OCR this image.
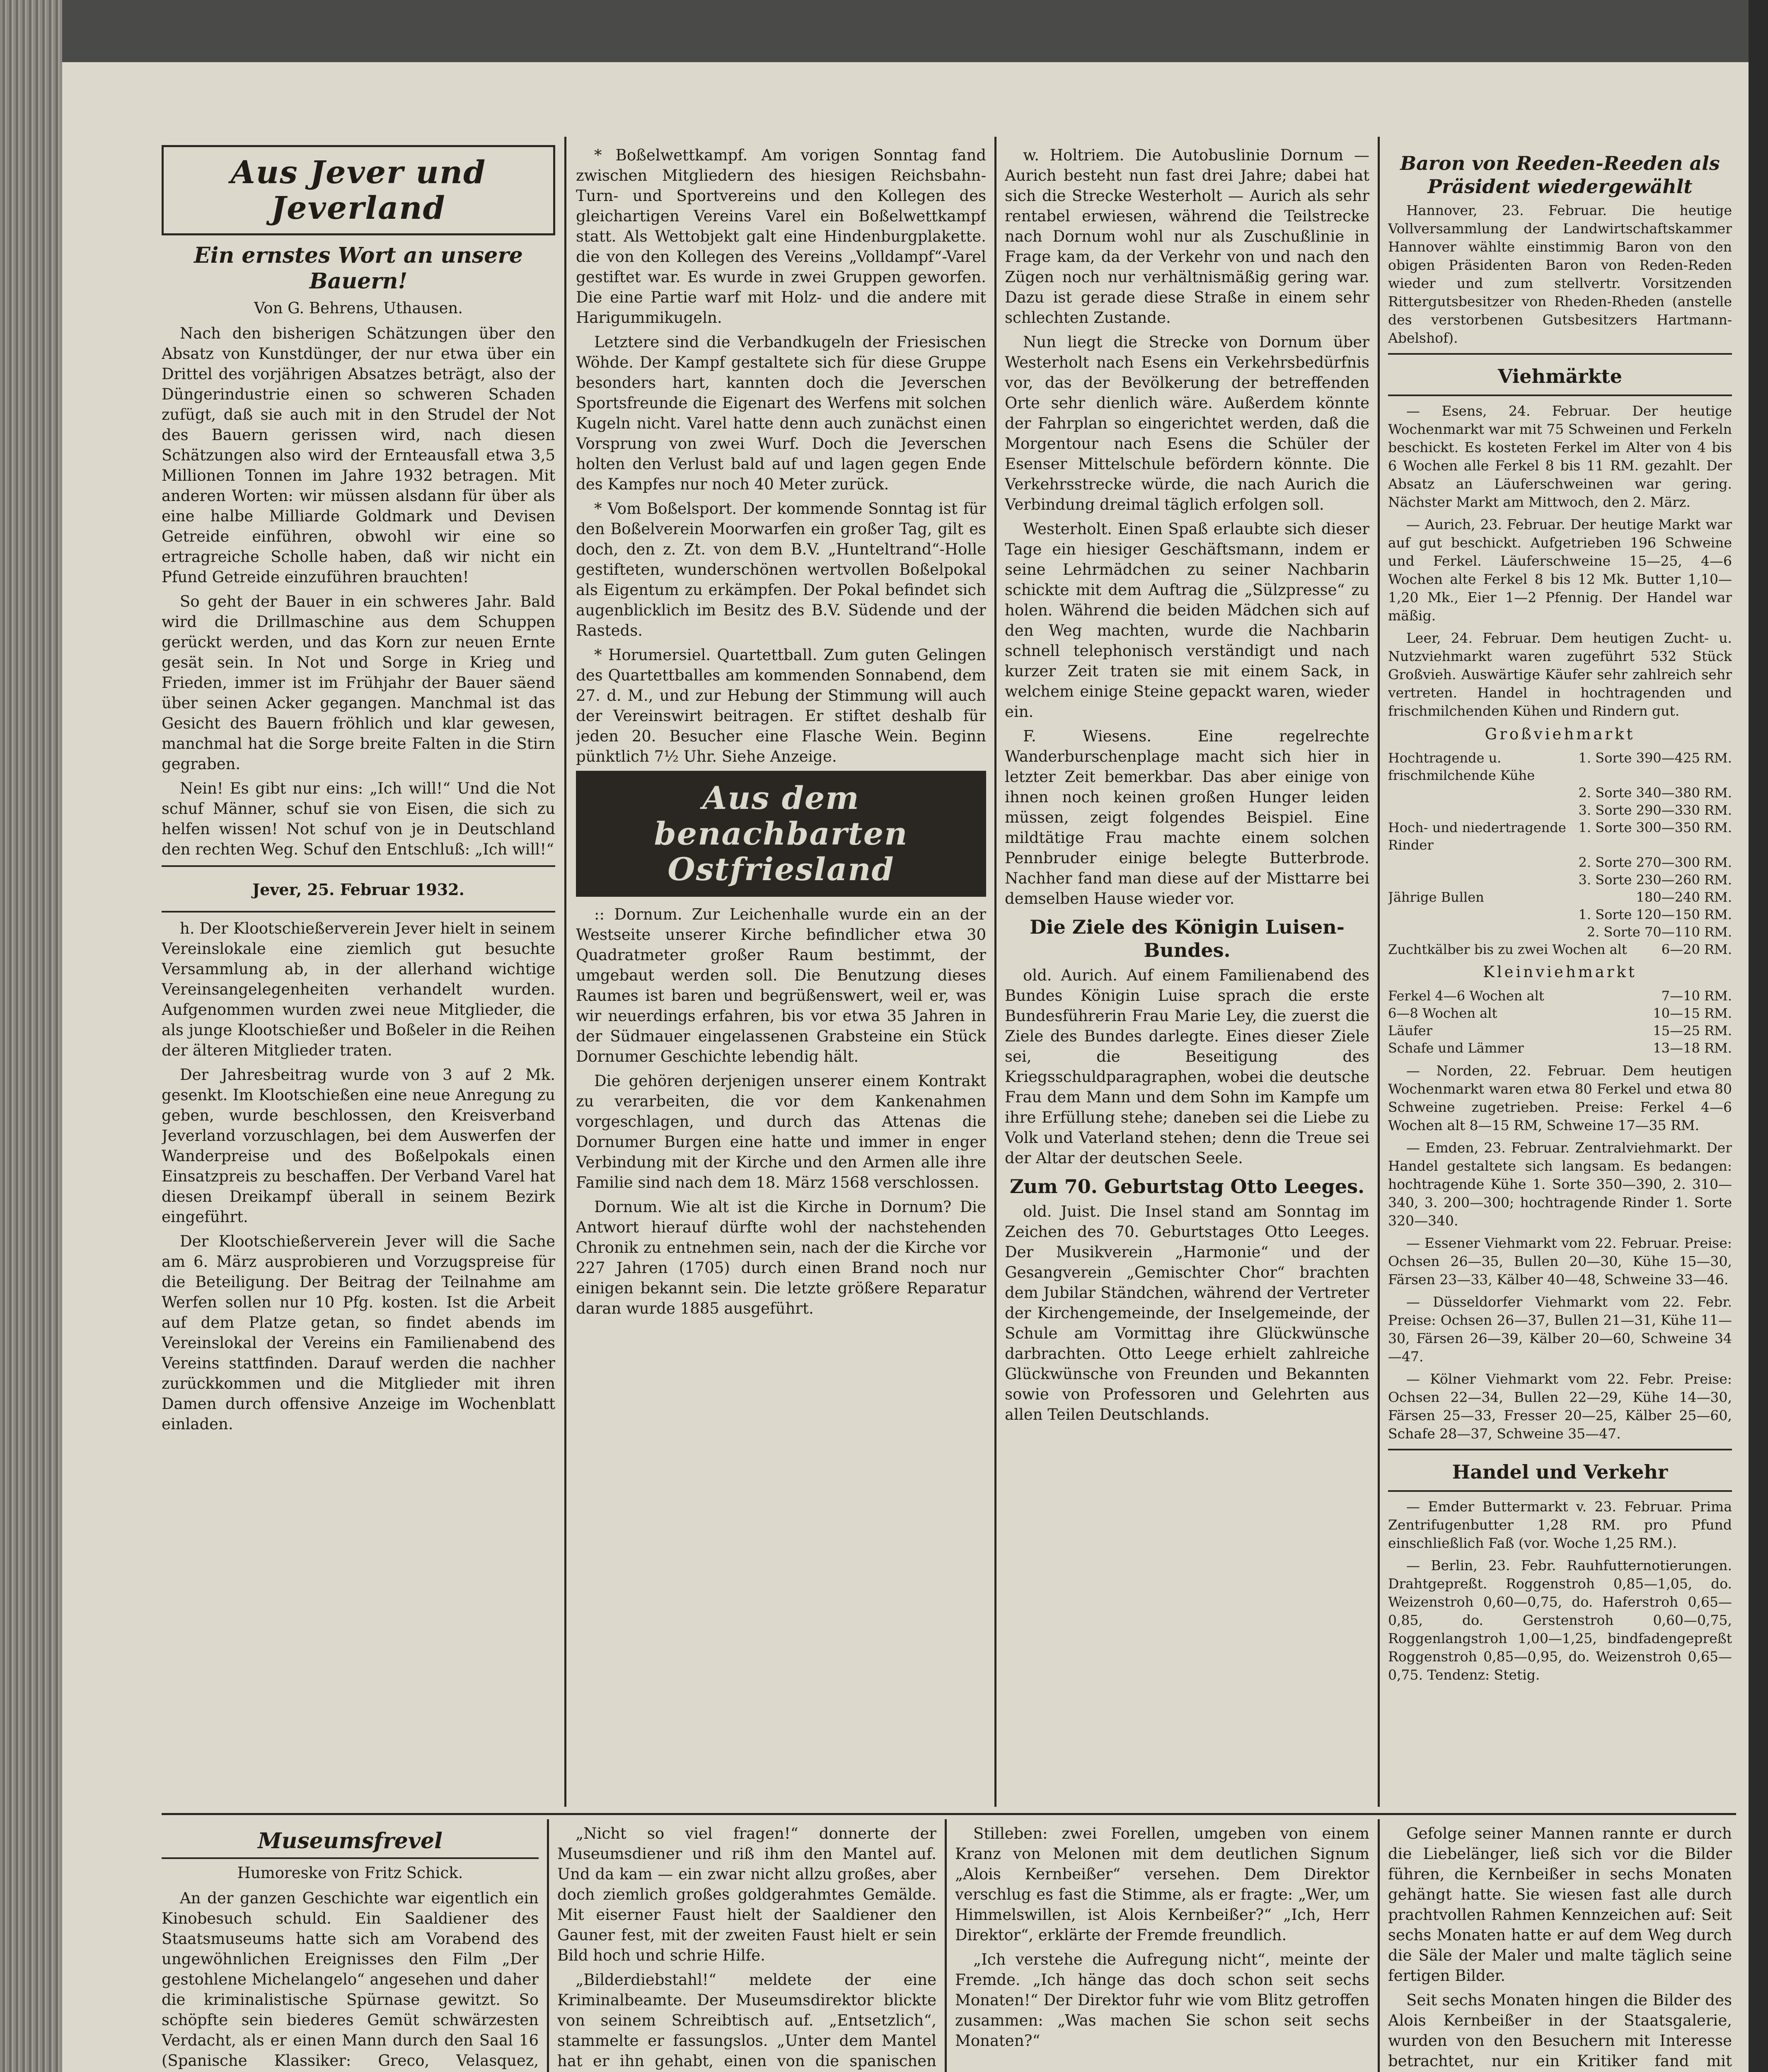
Aus Jever und Jeverland
Ein ernstes Wort an unsere Bauern!
Von G. Behrens, Uthausen.

Nach den bisherigen Schätzungen über den Absatz von Kunstdünger, der nur etwa über ein Drittel des vorjährigen Absatzes beträgt, also der Düngerindustrie einen so schweren Schaden zufügt, daß sie auch mit in den Strudel der Not des Bauern gerissen wird, nach diesen Schätzungen also wird der Ernteausfall etwa 3,5 Millionen Tonnen im Jahre 1932 betragen. Mit anderen Worten: wir müssen alsdann für über als eine halbe Milliarde Goldmark und Devisen Getreide einführen, obwohl wir eine so ertragreiche Scholle haben, daß wir nicht ein Pfund Getreide einzuführen brauchten!

So geht der Bauer in ein schweres Jahr. Bald wird die Drillmaschine aus dem Schuppen gerückt werden, und das Korn zur neuen Ernte gesät sein. In Not und Sorge in Krieg und Frieden, immer ist im Frühjahr der Bauer säend über seinen Acker gegangen. Manchmal ist das Gesicht des Bauern fröhlich und klar gewesen, manchmal hat die Sorge breite Falten in die Stirn gegraben.

Nein! Es gibt nur eins: „Ich will!“ Und die Not schuf Männer, schuf sie von Eisen, die sich zu helfen wissen! Not schuf von je in Deutschland den rechten Weg. Schuf den Entschluß: „Ich will!“

Jever, 25. Februar 1932.

h. Der Klootschießerverein Jever hielt in seinem Vereinslokale eine ziemlich gut besuchte Versammlung ab, in der allerhand wichtige Vereinsangelegenheiten verhandelt wurden. Aufgenommen wurden zwei neue Mitglieder, die als junge Klootschießer und Boßeler in die Reihen der älteren Mitglieder traten.

Der Jahresbeitrag wurde von 3 auf 2 Mk. gesenkt. Im Klootschießen eine neue Anregung zu geben, wurde beschlossen, den Kreisverband Jeverland vorzuschlagen, bei dem Auswerfen der Wanderpreise und des Boßelpokals einen Einsatzpreis zu beschaffen. Der Verband Varel hat diesen Dreikampf überall in seinem Bezirk eingeführt.

Der Klootschießerverein Jever will die Sache am 6. März ausprobieren und Vorzugspreise für die Beteiligung. Der Beitrag der Teilnahme am Werfen sollen nur 10 Pfg. kosten. Ist die Arbeit auf dem Platze getan, so findet abends im Vereinslokal der Vereins ein Familienabend des Vereins stattfinden. Darauf werden die nachher zurückkommen und die Mitglieder mit ihren Damen durch offensive Anzeige im Wochenblatt einladen.

* Boßelwettkampf. Am vorigen Sonntag fand zwischen Mitgliedern des hiesigen Reichsbahn-Turn- und Sportvereins und den Kollegen des gleichartigen Vereins Varel ein Boßelwettkampf statt. Als Wettobjekt galt eine Hindenburgplakette. die von den Kollegen des Vereins „Volldampf“-Varel gestiftet war. Es wurde in zwei Gruppen geworfen. Die eine Partie warf mit Holz- und die andere mit Harigummikugeln.

Letztere sind die Verbandkugeln der Friesischen Wöhde. Der Kampf gestaltete sich für diese Gruppe besonders hart, kannten doch die Jeverschen Sportsfreunde die Eigenart des Werfens mit solchen Kugeln nicht. Varel hatte denn auch zunächst einen Vorsprung von zwei Wurf. Doch die Jeverschen holten den Verlust bald auf und lagen gegen Ende des Kampfes nur noch 40 Meter zurück.

* Vom Boßelsport. Der kommende Sonntag ist für den Boßelverein Moorwarfen ein großer Tag, gilt es doch, den z. Zt. von dem B.V. „Hunteltrand“-Holle gestifteten, wunderschönen wertvollen Boßelpokal als Eigentum zu erkämpfen. Der Pokal befindet sich augenblicklich im Besitz des B.V. Südende und der Rasteds.

* Horumersiel. Quartettball. Zum guten Gelingen des Quartettballes am kommenden Sonnabend, dem 27. d. M., und zur Hebung der Stimmung will auch der Vereinswirt beitragen. Er stiftet deshalb für jeden 20. Besucher eine Flasche Wein. Beginn pünktlich 7½ Uhr. Siehe Anzeige.

Aus dem benachbarten Ostfriesland

:: Dornum. Zur Leichenhalle wurde ein an der Westseite unserer Kirche befindlicher etwa 30 Quadratmeter großer Raum bestimmt, der umgebaut werden soll. Die Benutzung dieses Raumes ist baren und begrüßenswert, weil er, was wir neuerdings erfahren, bis vor etwa 35 Jahren in der Südmauer eingelassenen Grabsteine ein Stück Dornumer Geschichte lebendig hält.

Die gehören derjenigen unserer einem Kontrakt zu verarbeiten, die vor dem Kankenahmen vorgeschlagen, und durch das Attenas die Dornumer Burgen eine hatte und immer in enger Verbindung mit der Kirche und den Armen alle ihre Familie sind nach dem 18. März 1568 verschlossen.

Dornum. Wie alt ist die Kirche in Dornum? Die Antwort hierauf dürfte wohl der nachstehenden Chronik zu entnehmen sein, nach der die Kirche vor 227 Jahren (1705) durch einen Brand noch nur einigen bekannt sein. Die letzte größere Reparatur daran wurde 1885 ausgeführt.

w. Holtriem. Die Autobuslinie Dornum — Aurich besteht nun fast drei Jahre; dabei hat sich die Strecke Westerholt — Aurich als sehr rentabel erwiesen, während die Teilstrecke nach Dornum wohl nur als Zuschußlinie in Frage kam, da der Verkehr von und nach den Zügen noch nur verhältnismäßig gering war. Dazu ist gerade diese Straße in einem sehr schlechten Zustande.

Nun liegt die Strecke von Dornum über Westerholt nach Esens ein Verkehrsbedürfnis vor, das der Bevölkerung der betreffenden Orte sehr dienlich wäre. Außerdem könnte der Fahrplan so eingerichtet werden, daß die Morgentour nach Esens die Schüler der Esenser Mittelschule befördern könnte. Die Verkehrsstrecke würde, die nach Aurich die Verbindung dreimal täglich erfolgen soll.

Westerholt. Einen Spaß erlaubte sich dieser Tage ein hiesiger Geschäftsmann, indem er seine Lehrmädchen zu seiner Nachbarin schickte mit dem Auftrag die „Sülzpresse“ zu holen. Während die beiden Mädchen sich auf den Weg machten, wurde die Nachbarin schnell telephonisch verständigt und nach kurzer Zeit traten sie mit einem Sack, in welchem einige Steine gepackt waren, wieder ein.

F. Wiesens. Eine regelrechte Wanderburschenplage macht sich hier in letzter Zeit bemerkbar. Das aber einige von ihnen noch keinen großen Hunger leiden müssen, zeigt folgendes Beispiel. Eine mildtätige Frau machte einem solchen Pennbruder einige belegte Butterbrode. Nachher fand man diese auf der Misttarre bei demselben Hause wieder vor.

Die Ziele des Königin Luisen-Bundes.

old. Aurich. Auf einem Familienabend des Bundes Königin Luise sprach die erste Bundesführerin Frau Marie Ley, die zuerst die Ziele des Bundes darlegte. Eines dieser Ziele sei, die Beseitigung des Kriegsschuldparagraphen, wobei die deutsche Frau dem Mann und dem Sohn im Kampfe um ihre Erfüllung stehe; daneben sei die Liebe zu Volk und Vaterland stehen; denn die Treue sei der Altar der deutschen Seele.

Zum 70. Geburtstag Otto Leeges.

old. Juist. Die Insel stand am Sonntag im Zeichen des 70. Geburtstages Otto Leeges. Der Musikverein „Harmonie“ und der Gesangverein „Gemischter Chor“ brachten dem Jubilar Ständchen, während der Vertreter der Kirchengemeinde, der Inselgemeinde, der Schule am Vormittag ihre Glückwünsche darbrachten. Otto Leege erhielt zahlreiche Glückwünsche von Freunden und Bekannten sowie von Professoren und Gelehrten aus allen Teilen Deutschlands.

Baron von Reeden-Reeden als Präsident wiedergewählt

Hannover, 23. Februar. Die heutige Vollversammlung der Landwirtschaftskammer Hannover wählte einstimmig Baron von den obigen Präsidenten Baron von Reden-Reden wieder und zum stellvertr. Vorsitzenden Rittergutsbesitzer von Rheden-Rheden (anstelle des verstorbenen Gutsbesitzers Hartmann-Abelshof).

Viehmärkte

— Esens, 24. Februar. Der heutige Wochenmarkt war mit 75 Schweinen und Ferkeln beschickt. Es kosteten Ferkel im Alter von 4 bis 6 Wochen alle Ferkel 8 bis 11 RM. gezahlt. Der Absatz an Läuferschweinen war gering. Nächster Markt am Mittwoch, den 2. März.

— Aurich, 23. Februar. Der heutige Markt war auf gut beschickt. Aufgetrieben 196 Schweine und Ferkel. Läuferschweine 15—25, 4—6 Wochen alte Ferkel 8 bis 12 Mk. Butter 1,10—1,20 Mk., Eier 1—2 Pfennig. Der Handel war mäßig.

Leer, 24. Februar. Dem heutigen Zucht- u. Nutzviehmarkt waren zugeführt 532 Stück Großvieh. Auswärtige Käufer sehr zahlreich sehr vertreten. Handel in hochtragenden und frischmilchenden Kühen und Rindern gut.

Großviehmarkt
Hochtragende u. frischmilchende Kühe
1. Sorte 390—425 RM.
2. Sorte 340—380 RM.
3. Sorte 290—330 RM.
Hoch- und niedertragende Rinder
1. Sorte 300—350 RM.
2. Sorte 270—300 RM.
3. Sorte 230—260 RM.
Jährige Bullen	180—240 RM.
1. Sorte 120—150 RM.
2. Sorte 70—110 RM.
Zuchtkälber bis zu zwei Wochen alt	6—20 RM.
Kleinviehmarkt
Ferkel 4—6 Wochen alt	7—10 RM.
6—8 Wochen alt	10—15 RM.
Läufer	15—25 RM.
Schafe und Lämmer	13—18 RM.

— Norden, 22. Februar. Dem heutigen Wochenmarkt waren etwa 80 Ferkel und etwa 80 Schweine zugetrieben. Preise: Ferkel 4—6 Wochen alt 8—15 RM, Schweine 17—35 RM.

— Emden, 23. Februar. Zentralviehmarkt. Der Handel gestaltete sich langsam. Es bedangen: hochtragende Kühe 1. Sorte 350—390, 2. 310—340, 3. 200—300; hochtragende Rinder 1. Sorte 320—340.

— Essener Viehmarkt vom 22. Februar. Preise: Ochsen 26—35, Bullen 20—30, Kühe 15—30, Färsen 23—33, Kälber 40—48, Schweine 33—46.

— Düsseldorfer Viehmarkt vom 22. Febr. Preise: Ochsen 26—37, Bullen 21—31, Kühe 11—30, Färsen 26—39, Kälber 20—60, Schweine 34—47.

— Kölner Viehmarkt vom 22. Febr. Preise: Ochsen 22—34, Bullen 22—29, Kühe 14—30, Färsen 25—33, Fresser 20—25, Kälber 25—60, Schafe 28—37, Schweine 35—47.

Handel und Verkehr

— Emder Buttermarkt v. 23. Februar. Prima Zentrifugenbutter 1,28 RM. pro Pfund einschließlich Faß (vor. Woche 1,25 RM.).

— Berlin, 23. Febr. Rauhfutternotierungen. Drahtgepreßt. Roggenstroh 0,85—1,05, do. Weizenstroh 0,60—0,75, do. Haferstroh 0,65—0,85, do. Gerstenstroh 0,60—0,75, Roggenlangstroh 1,00—1,25, bindfadengepreßt Roggenstroh 0,85—0,95, do. Weizenstroh 0,65—0,75. Tendenz: Stetig.

Museumsfrevel
Humoreske von Fritz Schick.

An der ganzen Geschichte war eigentlich ein Kinobesuch schuld. Ein Saaldiener des Staatsmuseums hatte sich am Vorabend des ungewöhnlichen Ereignisses den Film „Der gestohlene Michelangelo“ angesehen und daher die kriminalistische Spürnase gewitzt. So schöpfte sein biederes Gemüt schwärzesten Verdacht, als er einen Mann durch den Saal 16 (Spanische Klassiker: Greco, Velasquez,

„Nicht so viel fragen!“ donnerte der Museumsdiener und riß ihm den Mantel auf. Und da kam — ein zwar nicht allzu großes, aber doch ziemlich großes goldgerahmtes Gemälde. Mit eiserner Faust hielt der Saaldiener den Gauner fest, mit der zweiten Faust hielt er sein Bild hoch und schrie Hilfe.

„Bilderdiebstahl!“ meldete der eine Kriminalbeamte. Der Museumsdirektor blickte von seinem Schreibtisch auf. „Entsetzlich“, stammelte er fassungslos. „Unter dem Mantel hat er ihn gehabt, einen von die spanischen

Stilleben: zwei Forellen, umgeben von einem Kranz von Melonen mit dem deutlichen Signum „Alois Kernbeißer“ versehen. Dem Direktor verschlug es fast die Stimme, als er fragte: „Wer, um Himmelswillen, ist Alois Kernbeißer?“ „Ich, Herr Direktor“, erklärte der Fremde freundlich.

„Ich verstehe die Aufregung nicht“, meinte der Fremde. „Ich hänge das doch schon seit sechs Monaten!“ Der Direktor fuhr wie vom Blitz getroffen zusammen: „Was machen Sie schon seit sechs Monaten?“

Gefolge seiner Mannen rannte er durch die Liebelänger, ließ sich vor die Bilder führen, die Kernbeißer in sechs Monaten gehängt hatte. Sie wiesen fast alle durch prachtvollen Rahmen Kennzeichen auf: Seit sechs Monaten hatte er auf dem Weg durch die Säle der Maler und malte täglich seine fertigen Bilder.

Seit sechs Monaten hingen die Bilder des Alois Kernbeißer in der Staatsgalerie, wurden von den Besuchern mit Interesse betrachtet, nur ein Kritiker fand mit
